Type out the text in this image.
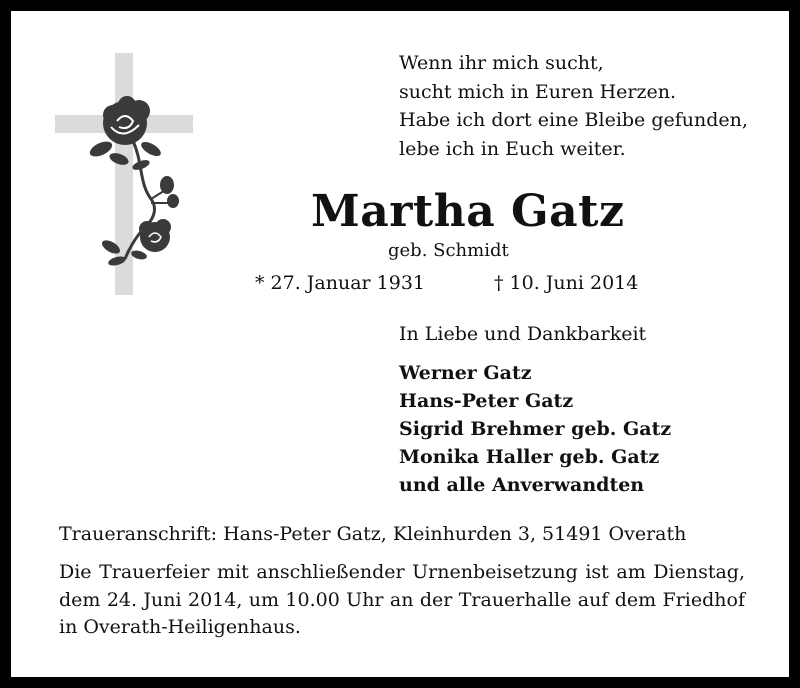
Wenn ihr mich sucht,
sucht mich in Euren Herzen.
Habe ich dort eine Bleibe gefunden,
lebe ich in Euch weiter.
Martha Gatz
geb. Schmidt
* 27. Januar 1931	† 10. Juni 2014
In Liebe und Dankbarkeit
Werner Gatz
Hans-Peter Gatz
Sigrid Brehmer geb. Gatz
Monika Haller geb. Gatz
und alle Anverwandten
Traueranschrift: Hans-Peter Gatz, Kleinhurden 3, 51491 Overath
Die Trauerfeier mit anschließender Urnenbeisetzung ist am Dienstag,
dem 24. Juni 2014, um 10.00 Uhr an der Trauerhalle auf dem Friedhof
in Overath-Heiligenhaus.
